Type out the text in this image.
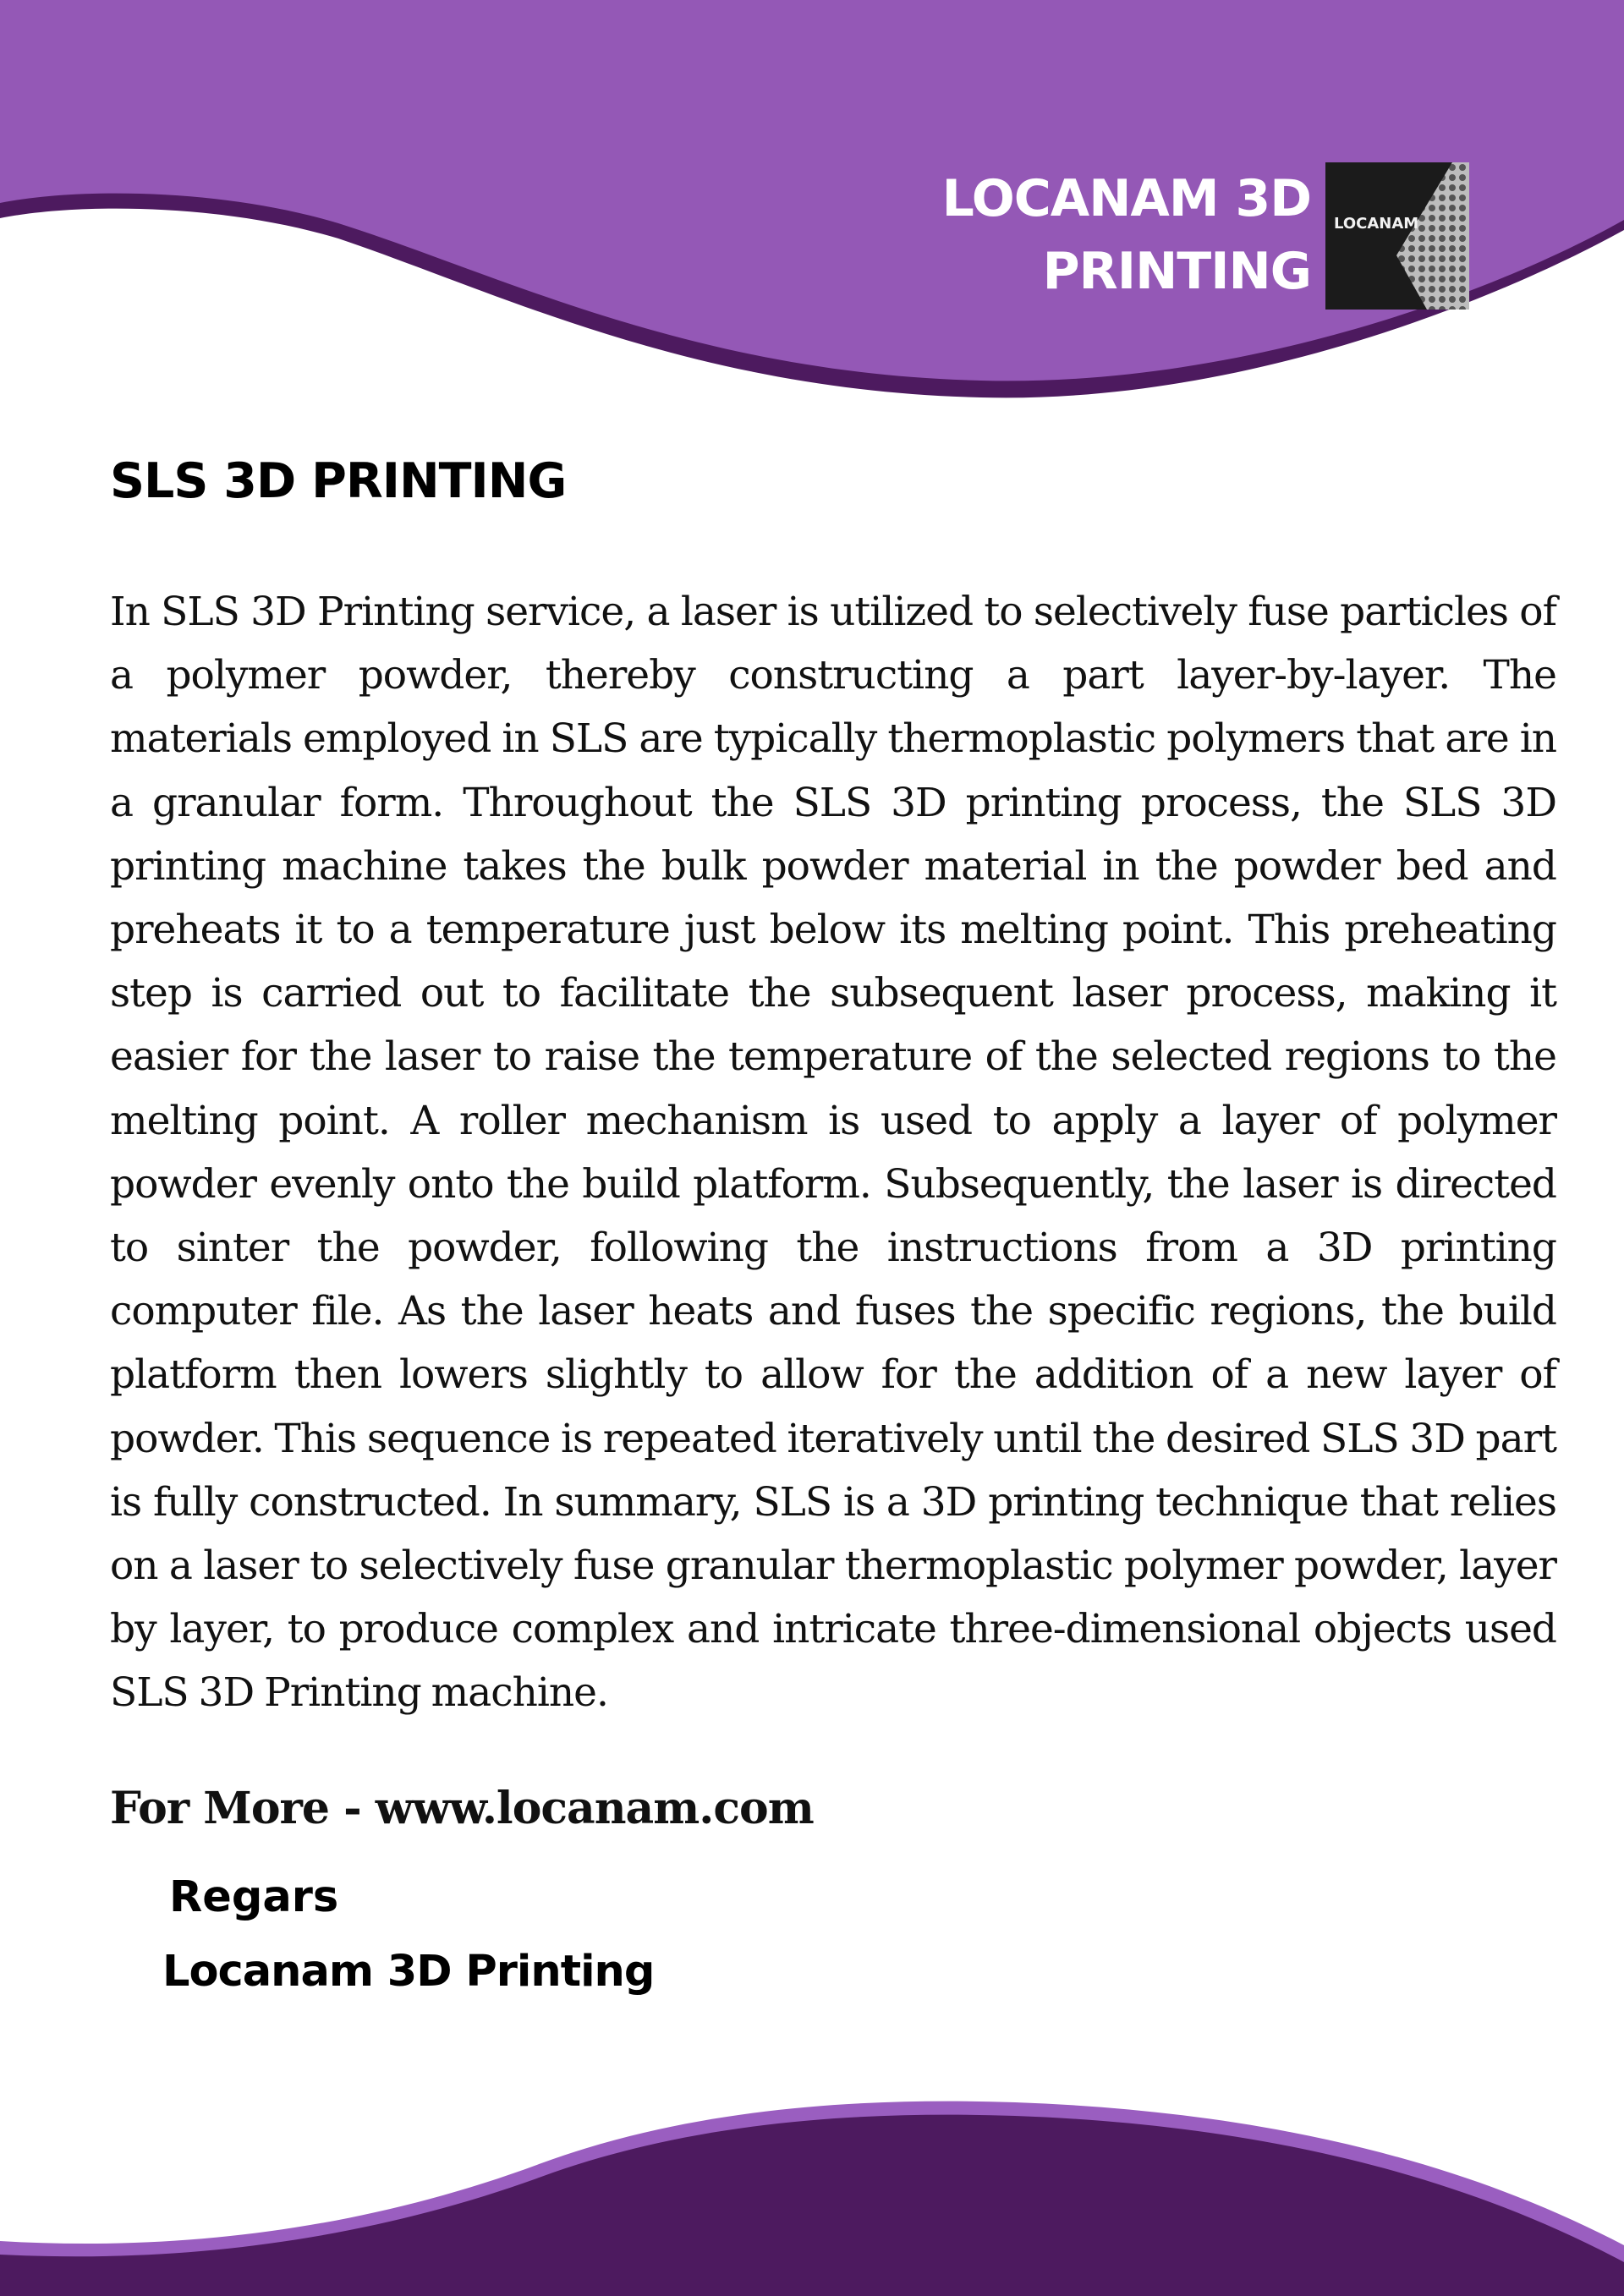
LOCANAM 3D
PRINTING
LOCANAM
SLS 3D PRINTING

In SLS 3D Printing service, a laser is utilized to selectively fuse particles of a polymer powder, thereby constructing a part layer-by-layer. The materials employed in SLS are typically thermoplastic polymers that are in a granular form. Throughout the SLS 3D printing process, the SLS 3D printing machine takes the bulk powder material in the powder bed and preheats it to a temperature just below its melting point. This preheating step is carried out to facilitate the subsequent laser process, making it easier for the laser to raise the temperature of the selected regions to the melting point. A roller mechanism is used to apply a layer of polymer powder evenly onto the build platform. Subsequently, the laser is directed to sinter the powder, following the instructions from a 3D printing computer file. As the laser heats and fuses the specific regions, the build platform then lowers slightly to allow for the addition of a new layer of powder. This sequence is repeated iteratively until the desired SLS 3D part is fully constructed. In summary, SLS is a 3D printing technique that relies on a laser to selectively fuse granular thermoplastic polymer powder, layer by layer, to produce complex and intricate three-dimensional objects used SLS 3D Printing machine.

For More - www.locanam.com

Regars

Locanam 3D Printing
